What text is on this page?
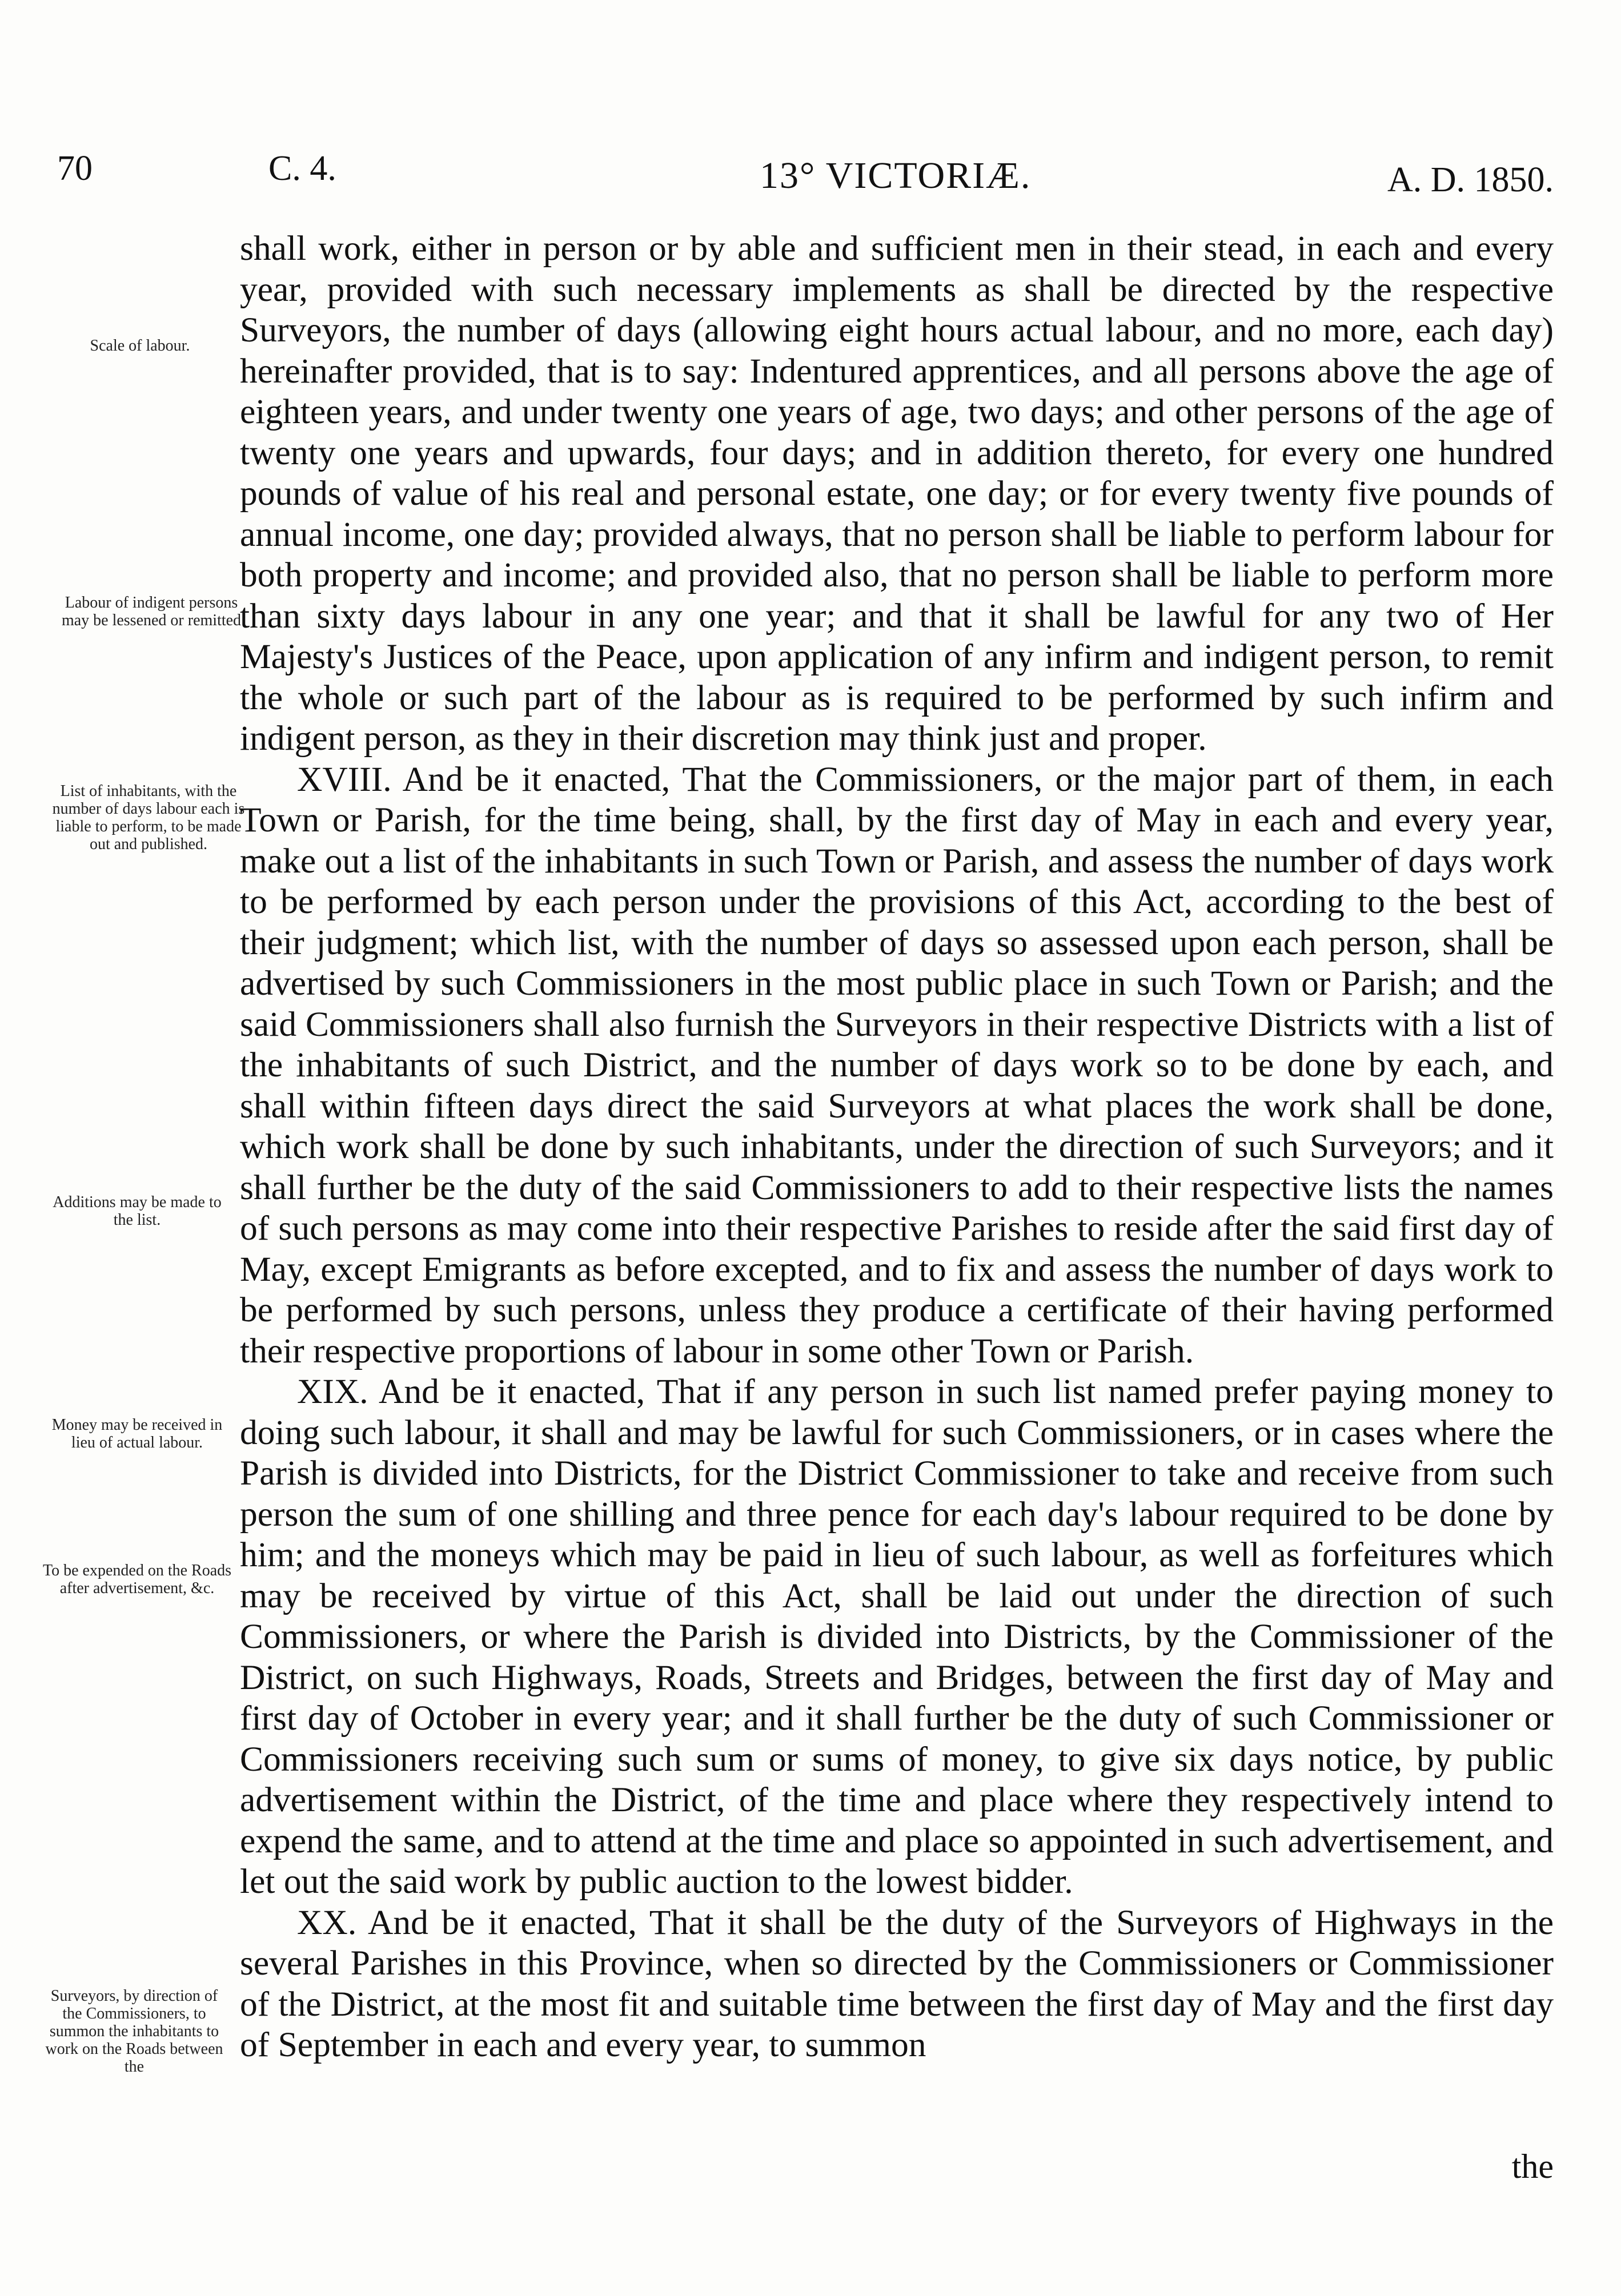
70	C. 4.	13° VICTORIÆ.	A. D. 1850.
Scale of labour.
Labour of indigent persons may be lessened or remitted
List of inhabitants, with the number of days labour each is liable to perform, to be made out and published.
Additions may be made to the list.
Money may be received in lieu of actual labour.
To be expended on the Roads after advertisement, &c.
Surveyors, by direction of the Commissioners, to summon the inhabitants to work on the Roads between the

shall work, either in person or by able and sufficient men in their stead, in each and every year, provided with such necessary implements as shall be directed by the respective Surveyors, the number of days (allowing eight hours actual labour, and no more, each day) hereinafter provided, that is to say: Indentured apprentices, and all persons above the age of eighteen years, and under twenty one years of age, two days; and other persons of the age of twenty one years and upwards, four days; and in addition thereto, for every one hundred pounds of value of his real and personal estate, one day; or for every twenty five pounds of annual income, one day; provided always, that no person shall be liable to perform labour for both property and income; and provided also, that no person shall be liable to perform more than sixty days labour in any one year; and that it shall be lawful for any two of Her Majesty's Justices of the Peace, upon application of any infirm and indigent person, to remit the whole or such part of the labour as is required to be performed by such infirm and indigent person, as they in their discretion may think just and proper.

XVIII. And be it enacted, That the Commissioners, or the major part of them, in each Town or Parish, for the time being, shall, by the first day of May in each and every year, make out a list of the inhabitants in such Town or Parish, and assess the number of days work to be performed by each person under the provisions of this Act, according to the best of their judgment; which list, with the number of days so assessed upon each person, shall be advertised by such Commissioners in the most public place in such Town or Parish; and the said Commissioners shall also furnish the Surveyors in their respective Districts with a list of the inhabitants of such District, and the number of days work so to be done by each, and shall within fifteen days direct the said Surveyors at what places the work shall be done, which work shall be done by such inhabitants, under the direction of such Surveyors; and it shall further be the duty of the said Commissioners to add to their respective lists the names of such persons as may come into their respective Parishes to reside after the said first day of May, except Emigrants as before excepted, and to fix and assess the number of days work to be performed by such persons, unless they produce a certificate of their having performed their respective proportions of labour in some other Town or Parish.

XIX. And be it enacted, That if any person in such list named prefer paying money to doing such labour, it shall and may be lawful for such Commissioners, or in cases where the Parish is divided into Districts, for the District Commissioner to take and receive from such person the sum of one shilling and three pence for each day's labour required to be done by him; and the moneys which may be paid in lieu of such labour, as well as forfeitures which may be received by virtue of this Act, shall be laid out under the direction of such Commissioners, or where the Parish is divided into Districts, by the Commissioner of the District, on such Highways, Roads, Streets and Bridges, between the first day of May and first day of October in every year; and it shall further be the duty of such Commissioner or Commissioners receiving such sum or sums of money, to give six days notice, by public advertisement within the District, of the time and place where they respectively intend to expend the same, and to attend at the time and place so appointed in such advertisement, and let out the said work by public auction to the lowest bidder.

XX. And be it enacted, That it shall be the duty of the Surveyors of Highways in the several Parishes in this Province, when so directed by the Commissioners or Commissioner of the District, at the most fit and suitable time between the first day of May and the first day of September in each and every year, to summon

the
